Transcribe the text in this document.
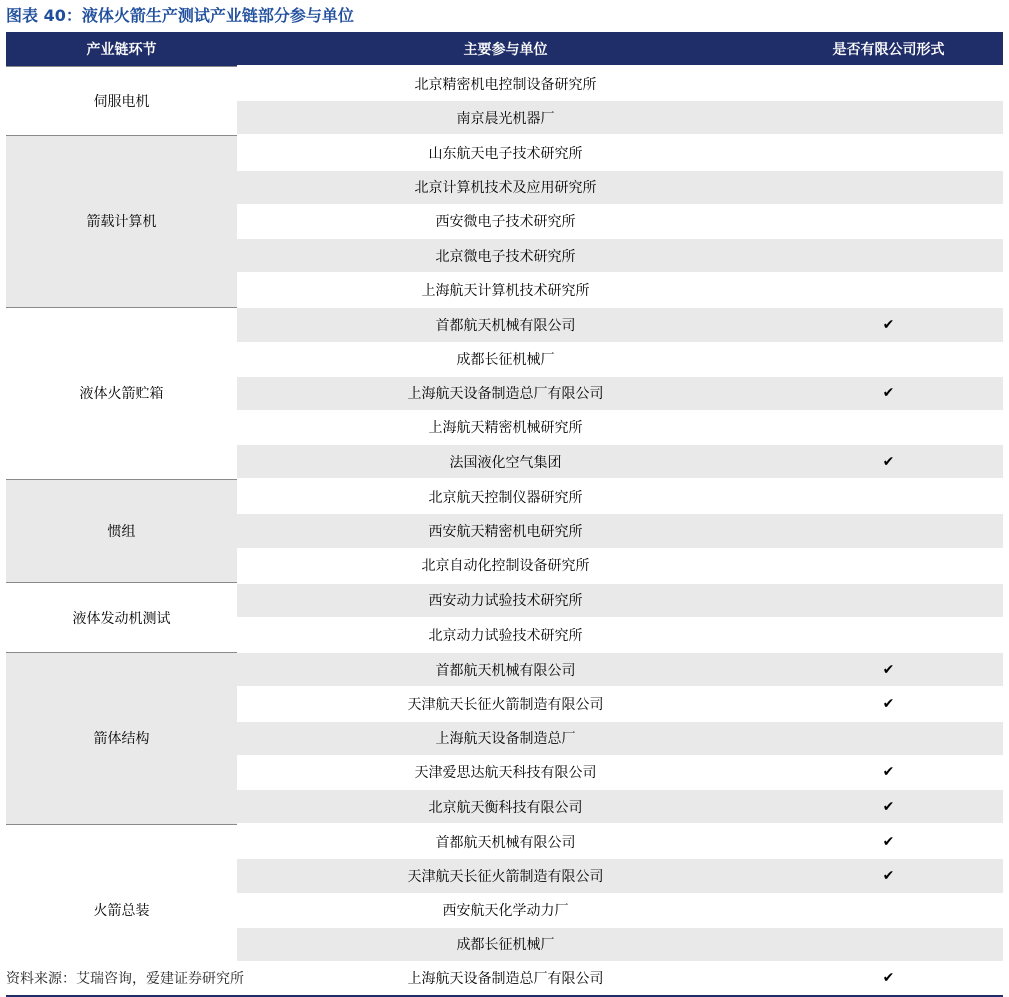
图表 40：液体火箭生产测试产业链部分参与单位
产业链环节	主要参与单位	是否有限公司形式
伺服电机	北京精密机电控制设备研究所	
	南京晨光机器厂	
箭载计算机	山东航天电子技术研究所	
	北京计算机技术及应用研究所	
	西安微电子技术研究所	
	北京微电子技术研究所	
	上海航天计算机技术研究所	
液体火箭贮箱	首都航天机械有限公司	✔
	成都长征机械厂	
	上海航天设备制造总厂有限公司	✔
	上海航天精密机械研究所	
	法国液化空气集团	✔
惯组	北京航天控制仪器研究所	
	西安航天精密机电研究所	
	北京自动化控制设备研究所	
液体发动机测试	西安动力试验技术研究所	
	北京动力试验技术研究所	
箭体结构	首都航天机械有限公司	✔
	天津航天长征火箭制造有限公司	✔
	上海航天设备制造总厂	
	天津爱思达航天科技有限公司	✔
	北京航天衡科技有限公司	✔
火箭总装	首都航天机械有限公司	✔
	天津航天长征火箭制造有限公司	✔
	西安航天化学动力厂	
	成都长征机械厂	
	上海航天设备制造总厂有限公司	✔
资料来源：艾瑞咨询，爱建证券研究所
